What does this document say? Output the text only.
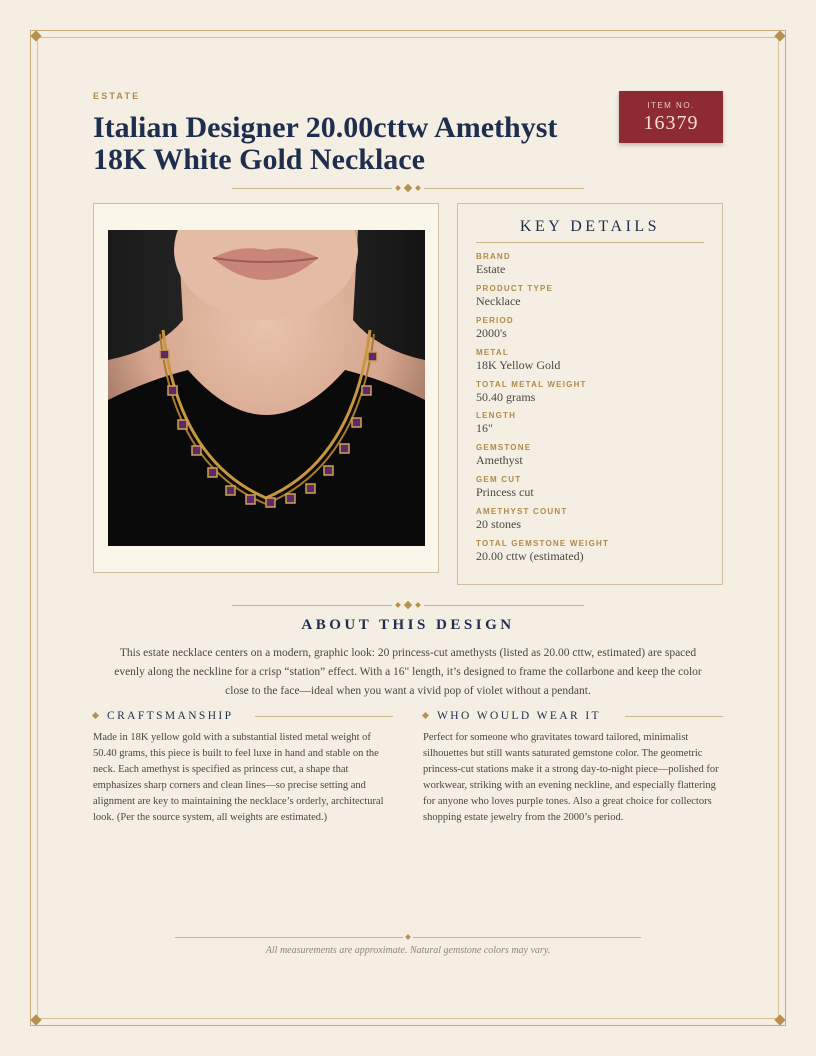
ESTATE
Italian Designer 20.00cttw Amethyst 18K White Gold Necklace
ITEM NO.
16379
KEY DETAILS
BRAND
Estate
PRODUCT TYPE
Necklace
PERIOD
2000's
METAL
18K Yellow Gold
TOTAL METAL WEIGHT
50.40 grams
LENGTH
16"
GEMSTONE
Amethyst
GEM CUT
Princess cut
AMETHYST COUNT
20 stones
TOTAL GEMSTONE WEIGHT
20.00 cttw (estimated)
ABOUT THIS DESIGN

This estate necklace centers on a modern, graphic look: 20 princess-cut amethysts (listed as 20.00 cttw, estimated) are spaced evenly along the neckline for a crisp “station” effect. With a 16" length, it’s designed to frame the collarbone and keep the color close to the face—ideal when you want a vivid pop of violet without a pendant.

CRAFTSMANSHIP

Made in 18K yellow gold with a substantial listed metal weight of 50.40 grams, this piece is built to feel luxe in hand and stable on the neck. Each amethyst is specified as princess cut, a shape that emphasizes sharp corners and clean lines—so precise setting and alignment are key to maintaining the necklace’s orderly, architectural look. (Per the source system, all weights are estimated.)

WHO WOULD WEAR IT

Perfect for someone who gravitates toward tailored, minimalist silhouettes but still wants saturated gemstone color. The geometric princess-cut stations make it a strong day-to-night piece—polished for workwear, striking with an evening neckline, and especially flattering for anyone who loves purple tones. Also a great choice for collectors shopping estate jewelry from the 2000’s period.

All measurements are approximate. Natural gemstone colors may vary.
